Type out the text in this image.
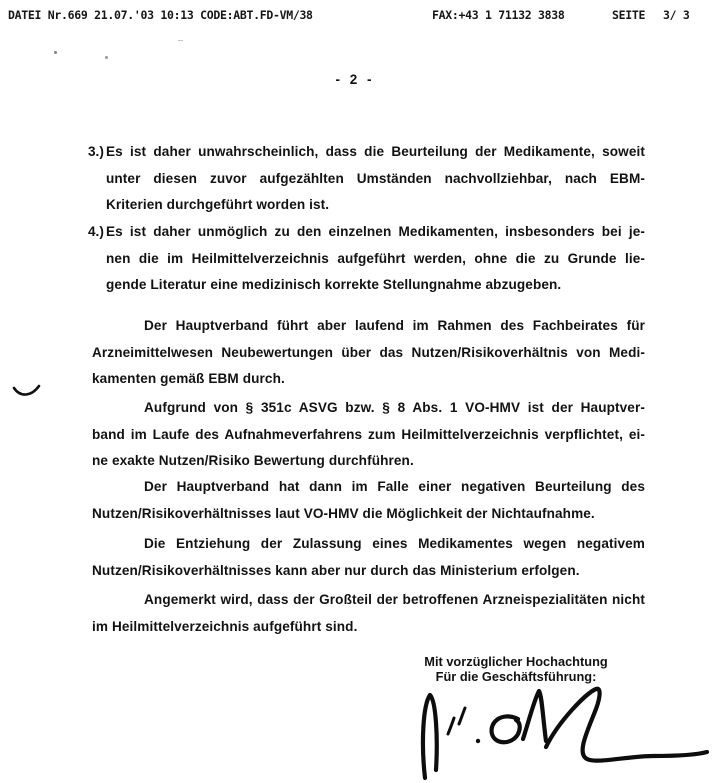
DATEI Nr.669 21.07.'03 10:13 CODE:ABT.FD-VM/38	FAX:+43 1 71132 3838	SEITE 3/ 3
- 2 -
3.) Es ist daher unwahrscheinlich, dass die Beurteilung der Medikamente, soweit
unter diesen zuvor aufgezählten Umständen nachvollziehbar, nach EBM-
Kriterien durchgeführt worden ist.
4.) Es ist daher unmöglich zu den einzelnen Medikamenten, insbesonders bei je-
nen die im Heilmittelverzeichnis aufgeführt werden, ohne die zu Grunde lie-
gende Literatur eine medizinisch korrekte Stellungnahme abzugeben.
Der Hauptverband führt aber laufend im Rahmen des Fachbeirates für
Arzneimittelwesen Neubewertungen über das Nutzen/Risikoverhältnis von Medi-
kamenten gemäß EBM durch.
Aufgrund von § 351c ASVG bzw. § 8 Abs. 1 VO-HMV ist der Hauptver-
band im Laufe des Aufnahmeverfahrens zum Heilmittelverzeichnis verpflichtet, ei-
ne exakte Nutzen/Risiko Bewertung durchführen.
Der Hauptverband hat dann im Falle einer negativen Beurteilung des
Nutzen/Risikoverhältnisses laut VO-HMV die Möglichkeit der Nichtaufnahme.
Die Entziehung der Zulassung eines Medikamentes wegen negativem
Nutzen/Risikoverhältnisses kann aber nur durch das Ministerium erfolgen.
Angemerkt wird, dass der Großteil der betroffenen Arzneispezialitäten nicht
im Heilmittelverzeichnis aufgeführt sind.
Mit vorzüglicher Hochachtung
Für die Geschäftsführung:
